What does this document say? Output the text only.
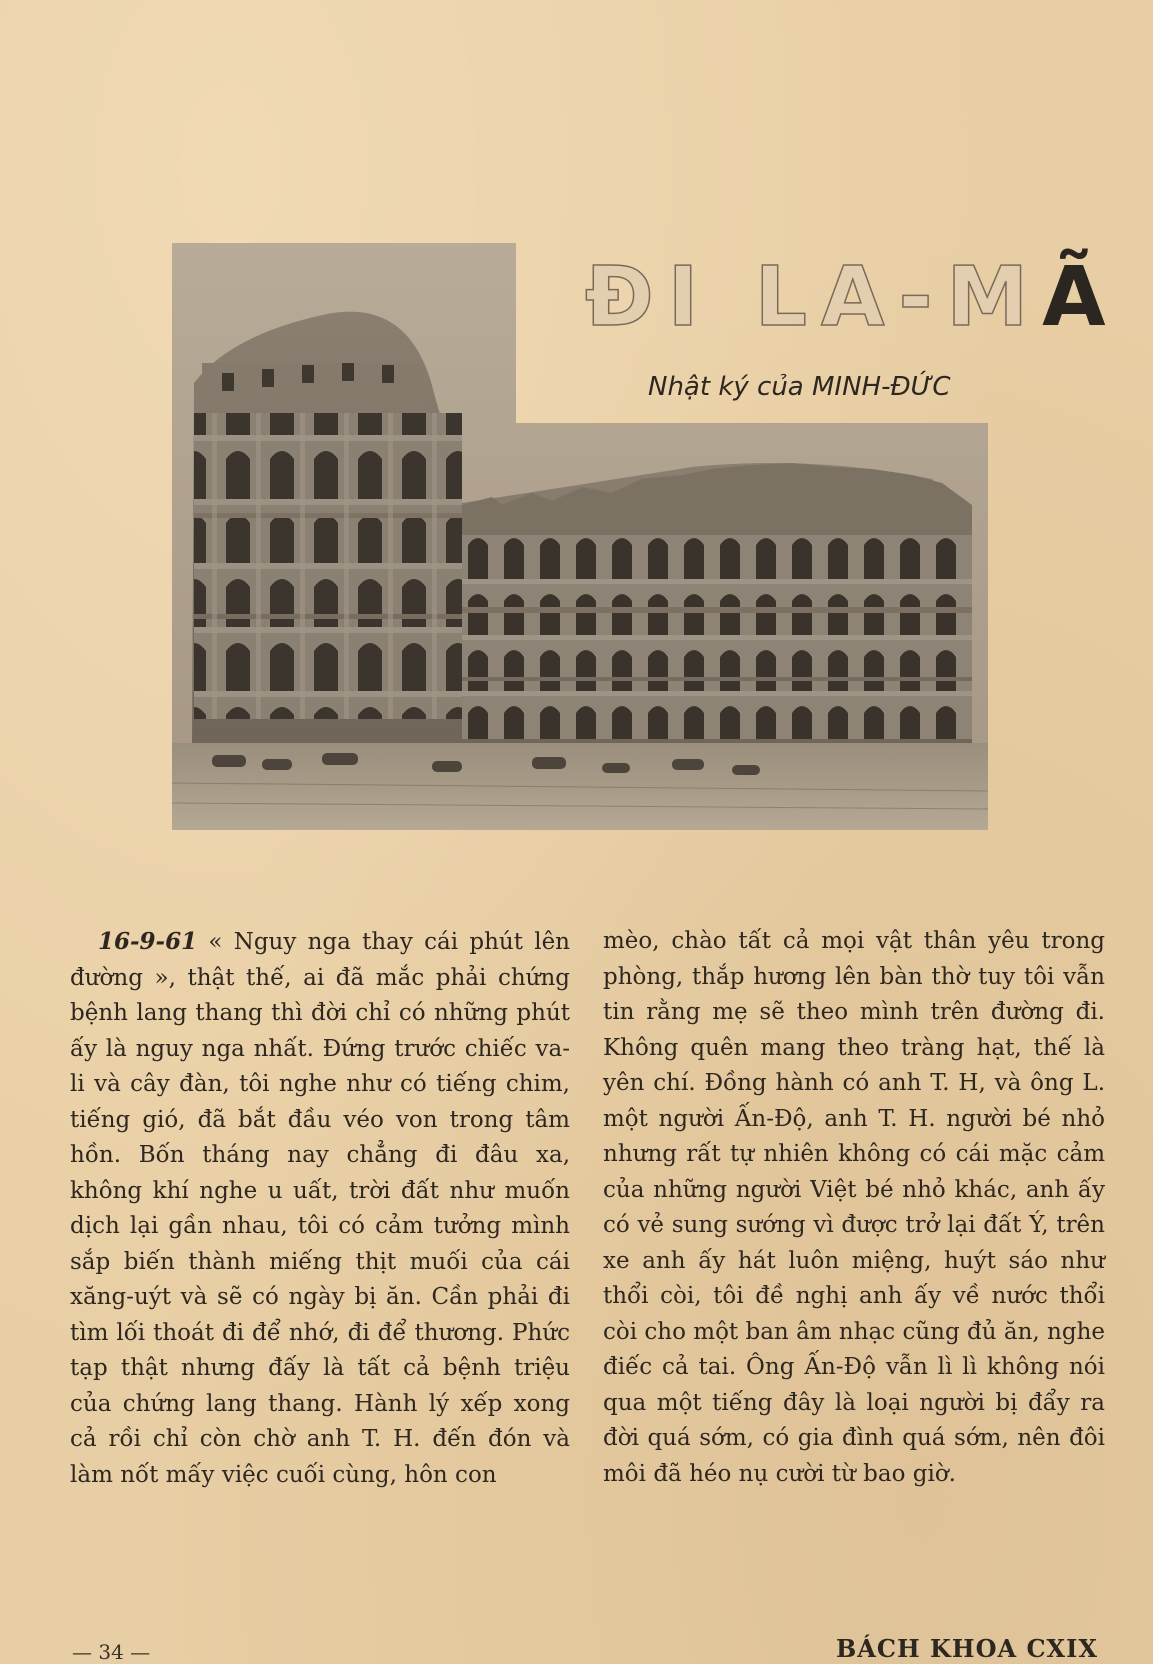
ĐI LA-MÃ
Nhật ký của MINH-ĐỨC
16-9-61 « Nguy nga thay cái phút lên đường », thật thế, ai đã mắc phải chứng bệnh lang thang thì đời chỉ có những phút ấy là nguy nga nhất. Đứng trước chiếc va-li và cây đàn, tôi nghe như có tiếng chim, tiếng gió, đã bắt đầu véo von trong tâm hồn. Bốn tháng nay chẳng đi đâu xa, không khí nghe u uất, trời đất như muốn dịch lại gần nhau, tôi có cảm tưởng mình sắp biến thành miếng thịt muối của cái xăng-uýt và sẽ có ngày bị ăn. Cần phải đi tìm lối thoát đi để nhớ, đi để thương. Phức tạp thật nhưng đấy là tất cả bệnh triệu của chứng lang thang. Hành lý xếp xong cả rồi chỉ còn chờ anh T. H. đến đón và làm nốt mấy việc cuối cùng, hôn con
mèo, chào tất cả mọi vật thân yêu trong phòng, thắp hương lên bàn thờ tuy tôi vẫn tin rằng mẹ sẽ theo mình trên đường đi. Không quên mang theo tràng hạt, thế là yên chí. Đồng hành có anh T. H, và ông L. một người Ấn-Độ, anh T. H. người bé nhỏ nhưng rất tự nhiên không có cái mặc cảm của những người Việt bé nhỏ khác, anh ấy có vẻ sung sướng vì được trở lại đất Ý, trên xe anh ấy hát luôn miệng, huýt sáo như thổi còi, tôi đề nghị anh ấy về nước thổi còi cho một ban âm nhạc cũng đủ ăn, nghe điếc cả tai. Ông Ấn-Độ vẫn lì lì không nói qua một tiếng đây là loại người bị đẩy ra đời quá sớm, có gia đình quá sớm, nên đôi môi đã héo nụ cười từ bao giờ.
— 34 —	BÁCH KHOA CXIX
